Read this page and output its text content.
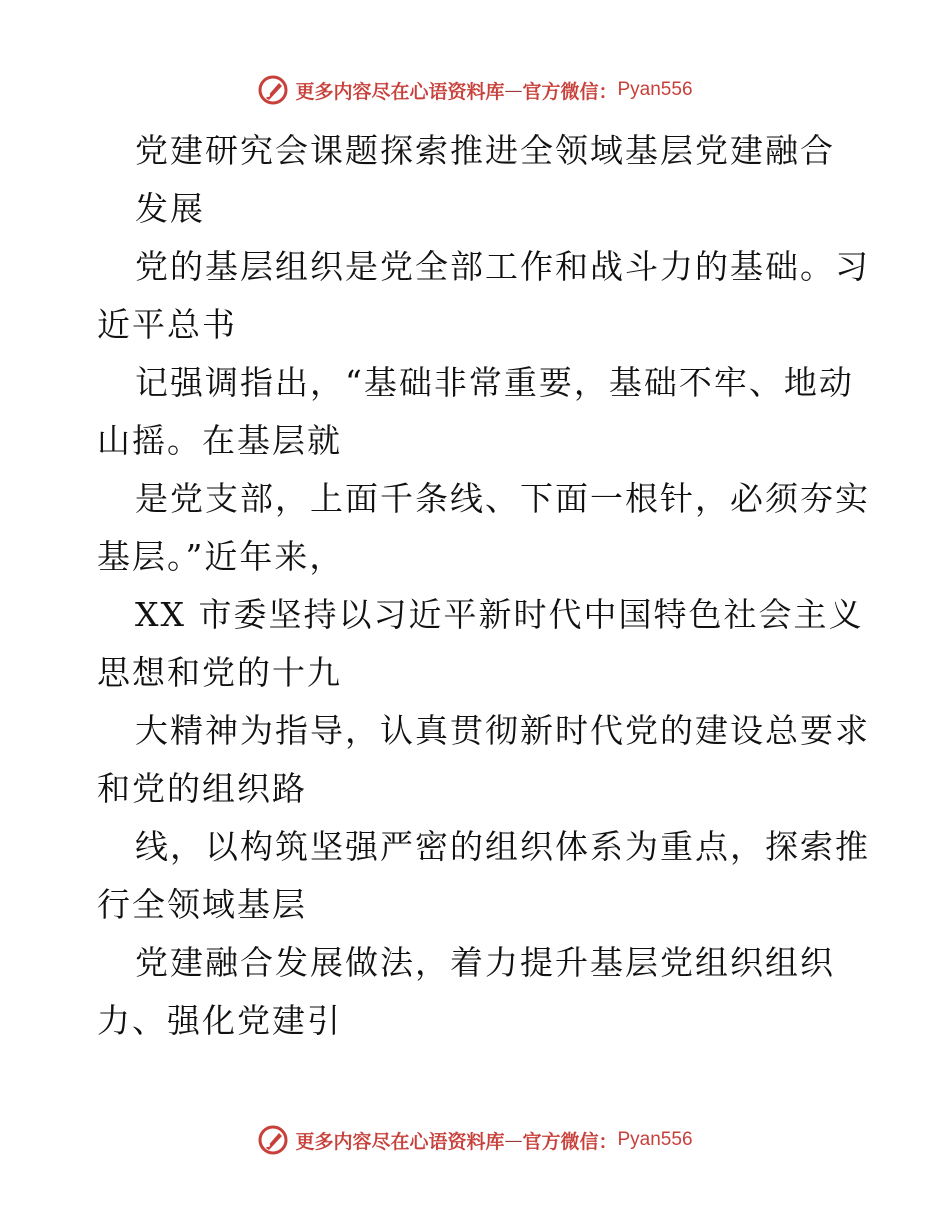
更多内容尽在心语资料库 — 官方微信： Pyan556
党建研究会课题探索推进全领域基层党建融合
发展
党的基层组织是党全部工作和战斗力的基础。习
近平总书
记强调指出，“基础非常重要，基础不牢、地动
山摇。在基层就
是党支部，上面千条线、下面一根针，必须夯实
基层。”近年来，
XX 市委坚持以习近平新时代中国特色社会主义
思想和党的十九
大精神为指导，认真贯彻新时代党的建设总要求
和党的组织路
线，以构筑坚强严密的组织体系为重点，探索推
行全领域基层
党建融合发展做法，着力提升基层党组织组织
力、强化党建引
更多内容尽在心语资料库 — 官方微信： Pyan556
